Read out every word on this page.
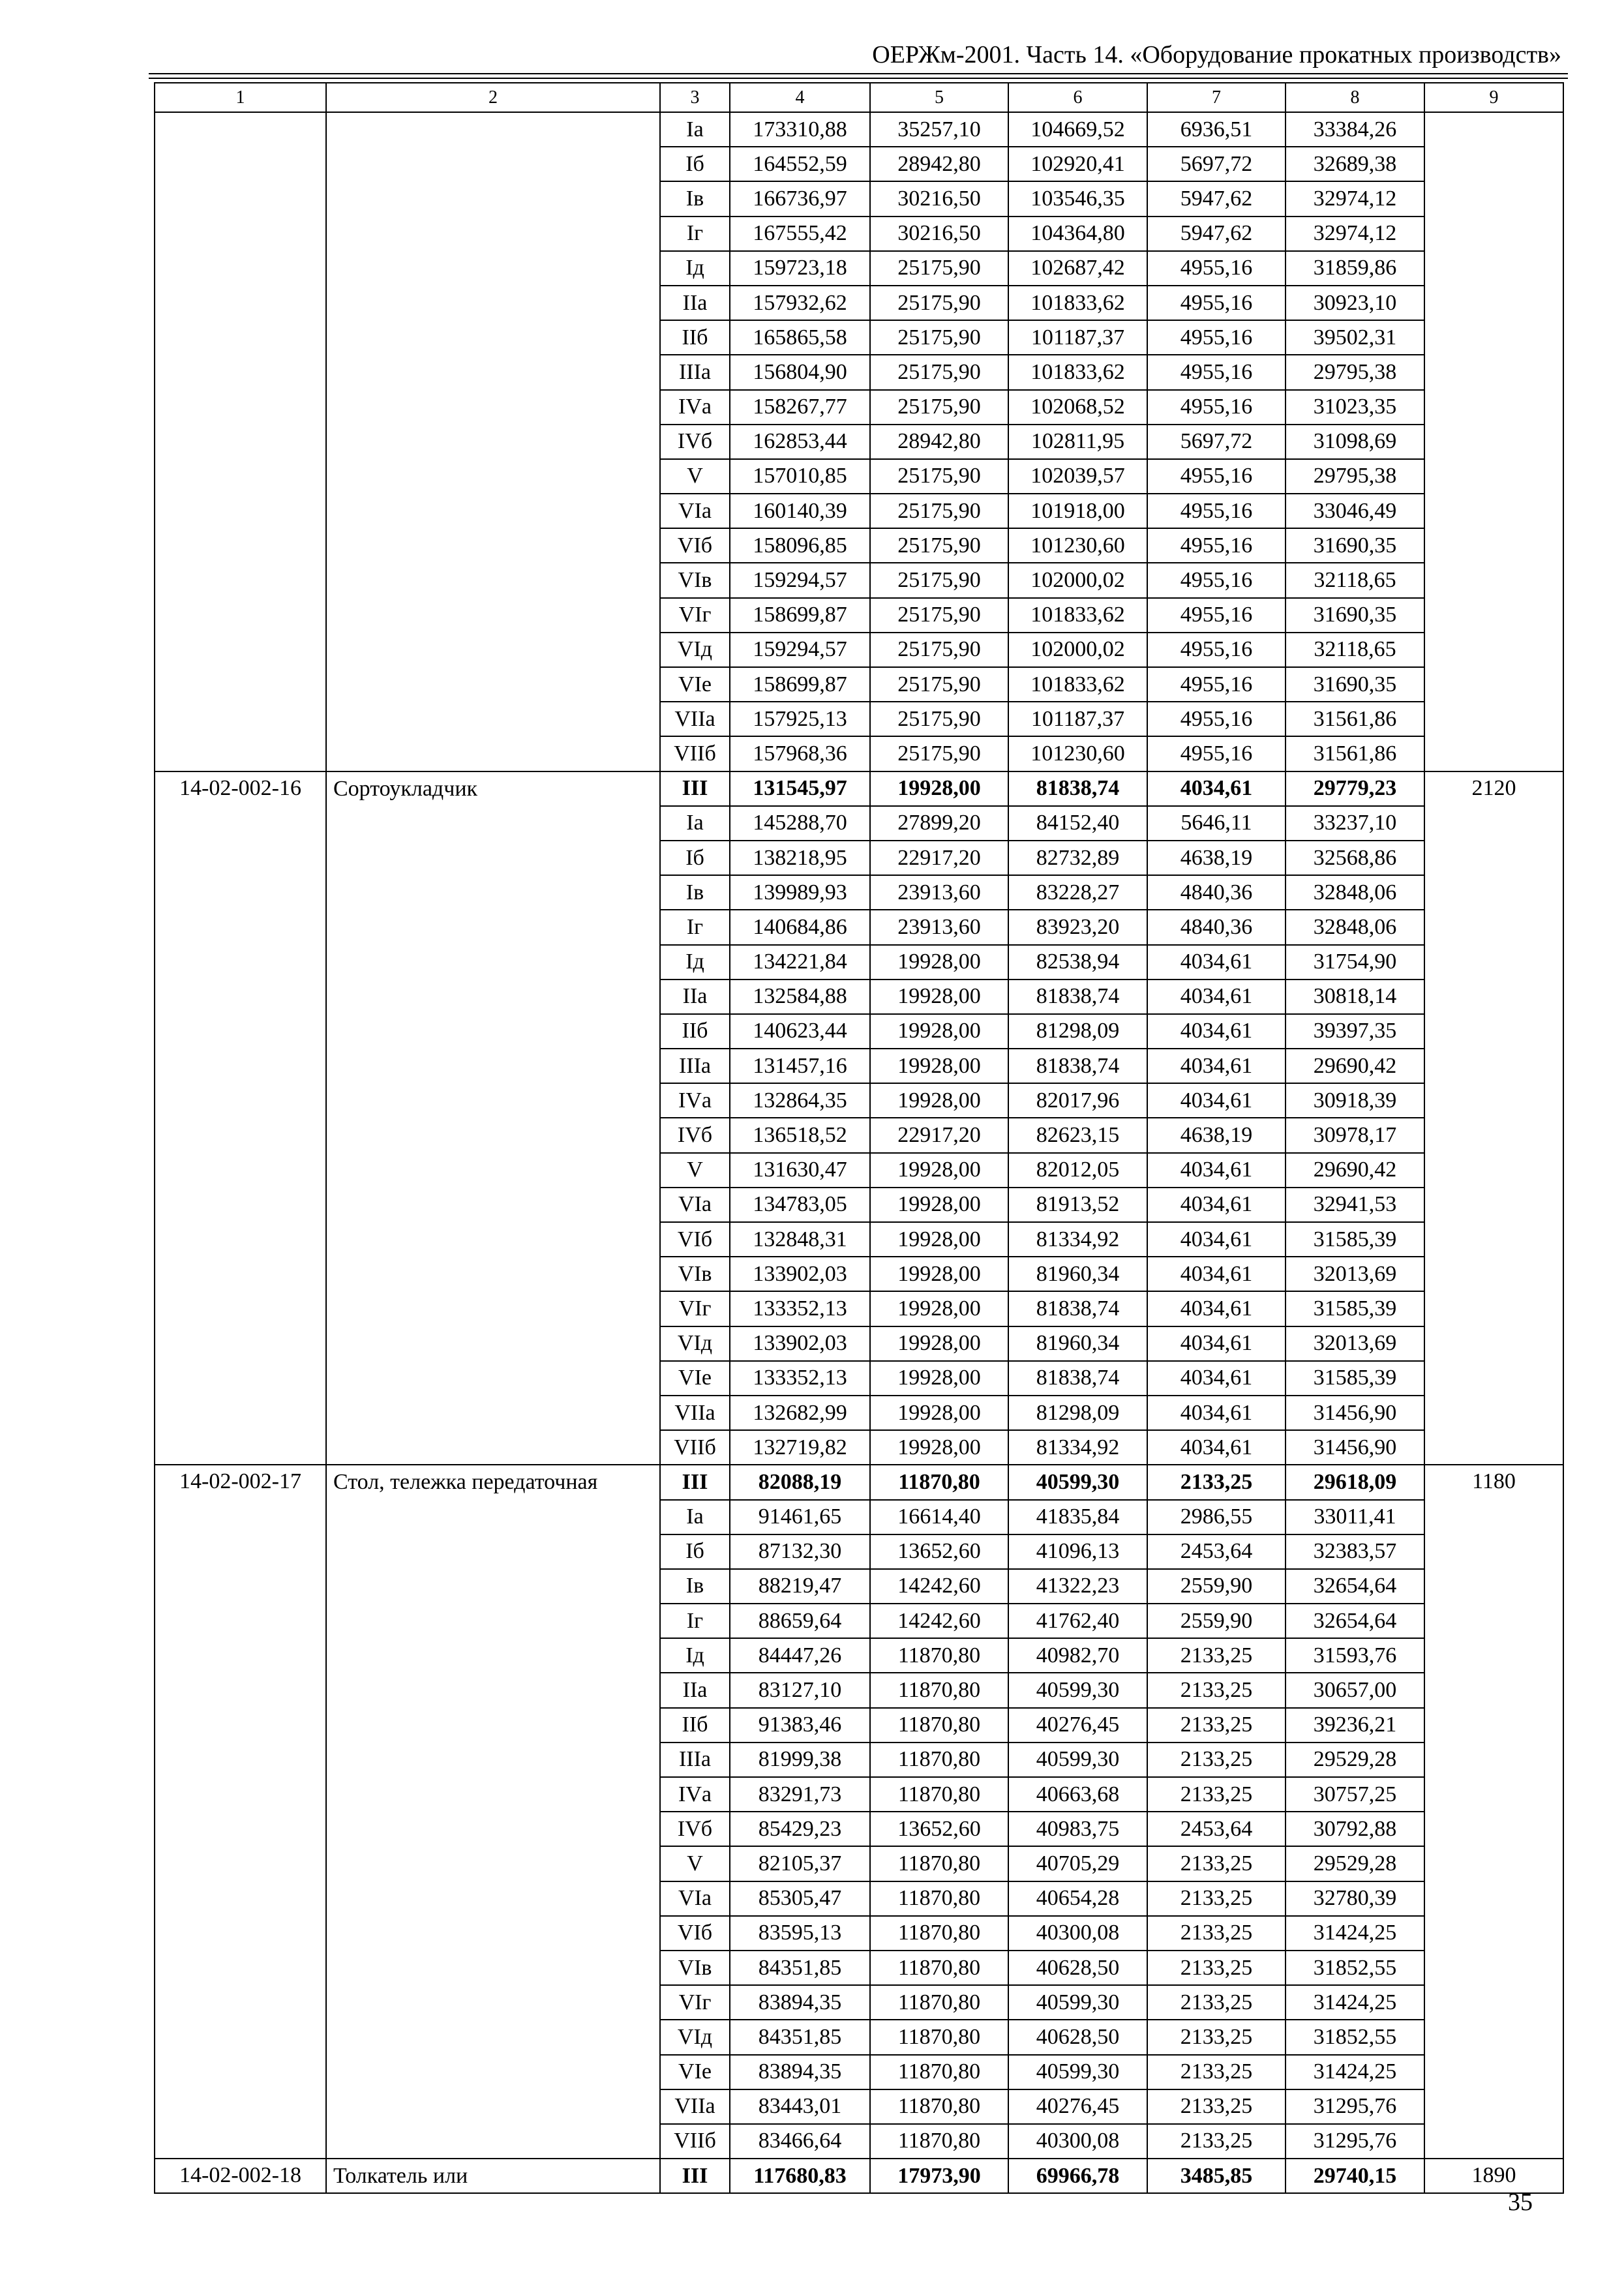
ОЕРЖм-2001. Часть 14. «Оборудование прокатных производств»
1	2	3	4	5	6	7	8	9
		Iа	173310,88	35257,10	104669,52	6936,51	33384,26	
		Iб	164552,59	28942,80	102920,41	5697,72	32689,38	
		Iв	166736,97	30216,50	103546,35	5947,62	32974,12	
		Iг	167555,42	30216,50	104364,80	5947,62	32974,12	
		Iд	159723,18	25175,90	102687,42	4955,16	31859,86	
		IIа	157932,62	25175,90	101833,62	4955,16	30923,10	
		IIб	165865,58	25175,90	101187,37	4955,16	39502,31	
		IIIа	156804,90	25175,90	101833,62	4955,16	29795,38	
		IVа	158267,77	25175,90	102068,52	4955,16	31023,35	
		IVб	162853,44	28942,80	102811,95	5697,72	31098,69	
		V	157010,85	25175,90	102039,57	4955,16	29795,38	
		VIа	160140,39	25175,90	101918,00	4955,16	33046,49	
		VIб	158096,85	25175,90	101230,60	4955,16	31690,35	
		VIв	159294,57	25175,90	102000,02	4955,16	32118,65	
		VIг	158699,87	25175,90	101833,62	4955,16	31690,35	
		VIд	159294,57	25175,90	102000,02	4955,16	32118,65	
		VIе	158699,87	25175,90	101833,62	4955,16	31690,35	
		VIIа	157925,13	25175,90	101187,37	4955,16	31561,86	
		VIIб	157968,36	25175,90	101230,60	4955,16	31561,86	
14-02-002-16	Сортоукладчик	III	131545,97	19928,00	81838,74	4034,61	29779,23	2120
		Iа	145288,70	27899,20	84152,40	5646,11	33237,10	
		Iб	138218,95	22917,20	82732,89	4638,19	32568,86	
		Iв	139989,93	23913,60	83228,27	4840,36	32848,06	
		Iг	140684,86	23913,60	83923,20	4840,36	32848,06	
		Iд	134221,84	19928,00	82538,94	4034,61	31754,90	
		IIа	132584,88	19928,00	81838,74	4034,61	30818,14	
		IIб	140623,44	19928,00	81298,09	4034,61	39397,35	
		IIIа	131457,16	19928,00	81838,74	4034,61	29690,42	
		IVа	132864,35	19928,00	82017,96	4034,61	30918,39	
		IVб	136518,52	22917,20	82623,15	4638,19	30978,17	
		V	131630,47	19928,00	82012,05	4034,61	29690,42	
		VIа	134783,05	19928,00	81913,52	4034,61	32941,53	
		VIб	132848,31	19928,00	81334,92	4034,61	31585,39	
		VIв	133902,03	19928,00	81960,34	4034,61	32013,69	
		VIг	133352,13	19928,00	81838,74	4034,61	31585,39	
		VIд	133902,03	19928,00	81960,34	4034,61	32013,69	
		VIе	133352,13	19928,00	81838,74	4034,61	31585,39	
		VIIа	132682,99	19928,00	81298,09	4034,61	31456,90	
		VIIб	132719,82	19928,00	81334,92	4034,61	31456,90	
14-02-002-17	Стол, тележка передаточная	III	82088,19	11870,80	40599,30	2133,25	29618,09	1180
		Iа	91461,65	16614,40	41835,84	2986,55	33011,41	
		Iб	87132,30	13652,60	41096,13	2453,64	32383,57	
		Iв	88219,47	14242,60	41322,23	2559,90	32654,64	
		Iг	88659,64	14242,60	41762,40	2559,90	32654,64	
		Iд	84447,26	11870,80	40982,70	2133,25	31593,76	
		IIа	83127,10	11870,80	40599,30	2133,25	30657,00	
		IIб	91383,46	11870,80	40276,45	2133,25	39236,21	
		IIIа	81999,38	11870,80	40599,30	2133,25	29529,28	
		IVа	83291,73	11870,80	40663,68	2133,25	30757,25	
		IVб	85429,23	13652,60	40983,75	2453,64	30792,88	
		V	82105,37	11870,80	40705,29	2133,25	29529,28	
		VIа	85305,47	11870,80	40654,28	2133,25	32780,39	
		VIб	83595,13	11870,80	40300,08	2133,25	31424,25	
		VIв	84351,85	11870,80	40628,50	2133,25	31852,55	
		VIг	83894,35	11870,80	40599,30	2133,25	31424,25	
		VIд	84351,85	11870,80	40628,50	2133,25	31852,55	
		VIе	83894,35	11870,80	40599,30	2133,25	31424,25	
		VIIа	83443,01	11870,80	40276,45	2133,25	31295,76	
		VIIб	83466,64	11870,80	40300,08	2133,25	31295,76	
14-02-002-18	Толкатель или	III	117680,83	17973,90	69966,78	3485,85	29740,15	1890
35
